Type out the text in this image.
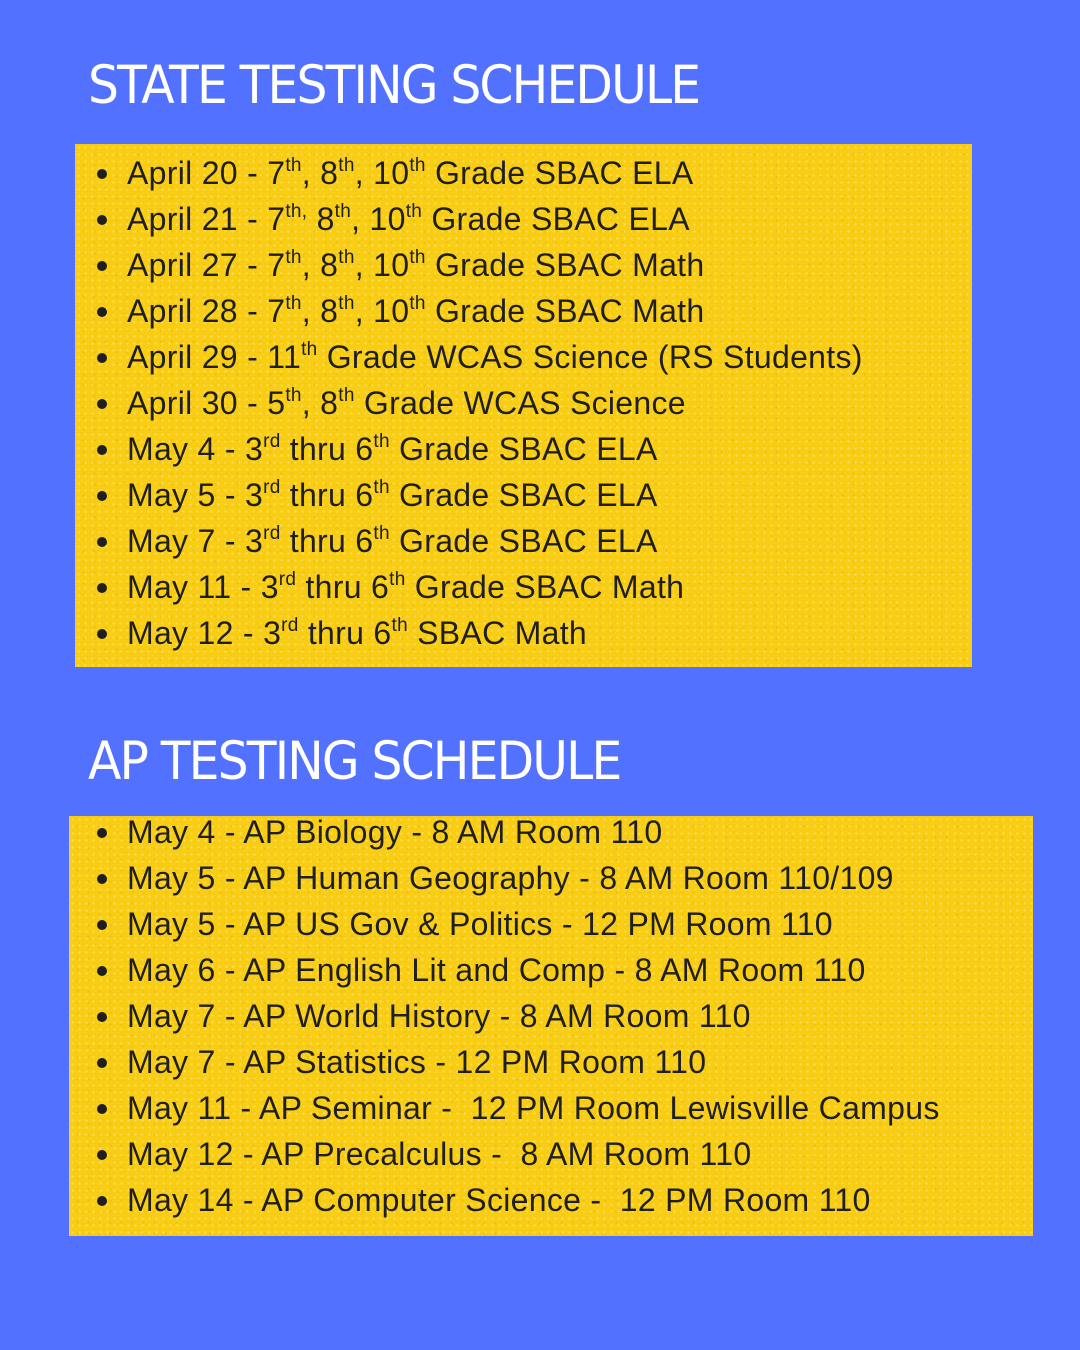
STATE TESTING SCHEDULE
April 20 - 7th, 8th, 10th Grade SBAC ELA
April $21 - 7^{th,}$ 8th, 10th Grade SBAC ELA
April 27 - 7th, 8th, 10th Grade SBAC Math
April 28 - 7th, 8th, 10th Grade SBAC Math
April 29 - 11th Grade WCAS Science (RS Students)
April 30 - 5th, 8th Grade WCAS Science
May 4 - 3rd thru 6th Grade SBAC ELA
May 5 - 3rd thru 6th Grade SBAC ELA
May 7 - 3rd thru 6th Grade SBAC ELA
May 11 - 3rd thru 6th Grade SBAC Math
May 12 - 3rd thru 6th SBAC Math
AP TESTING SCHEDULE
May 4 - AP Biology - 8 AM Room 110
May 5 - AP Human Geography - 8 AM Room 110/109
May 5 - AP US Gov & Politics - 12 PM Room 110
May 6 - AP English Lit and Comp - 8 AM Room 110
May 7 - AP World History - 8 AM Room 110
May 7 - AP Statistics - 12 PM Room 110
May 11 - AP Seminar -  12 PM Room Lewisville Campus
May 12 - AP Precalculus -  8 AM Room 110
May 14 - AP Computer Science -  12 PM Room 110
